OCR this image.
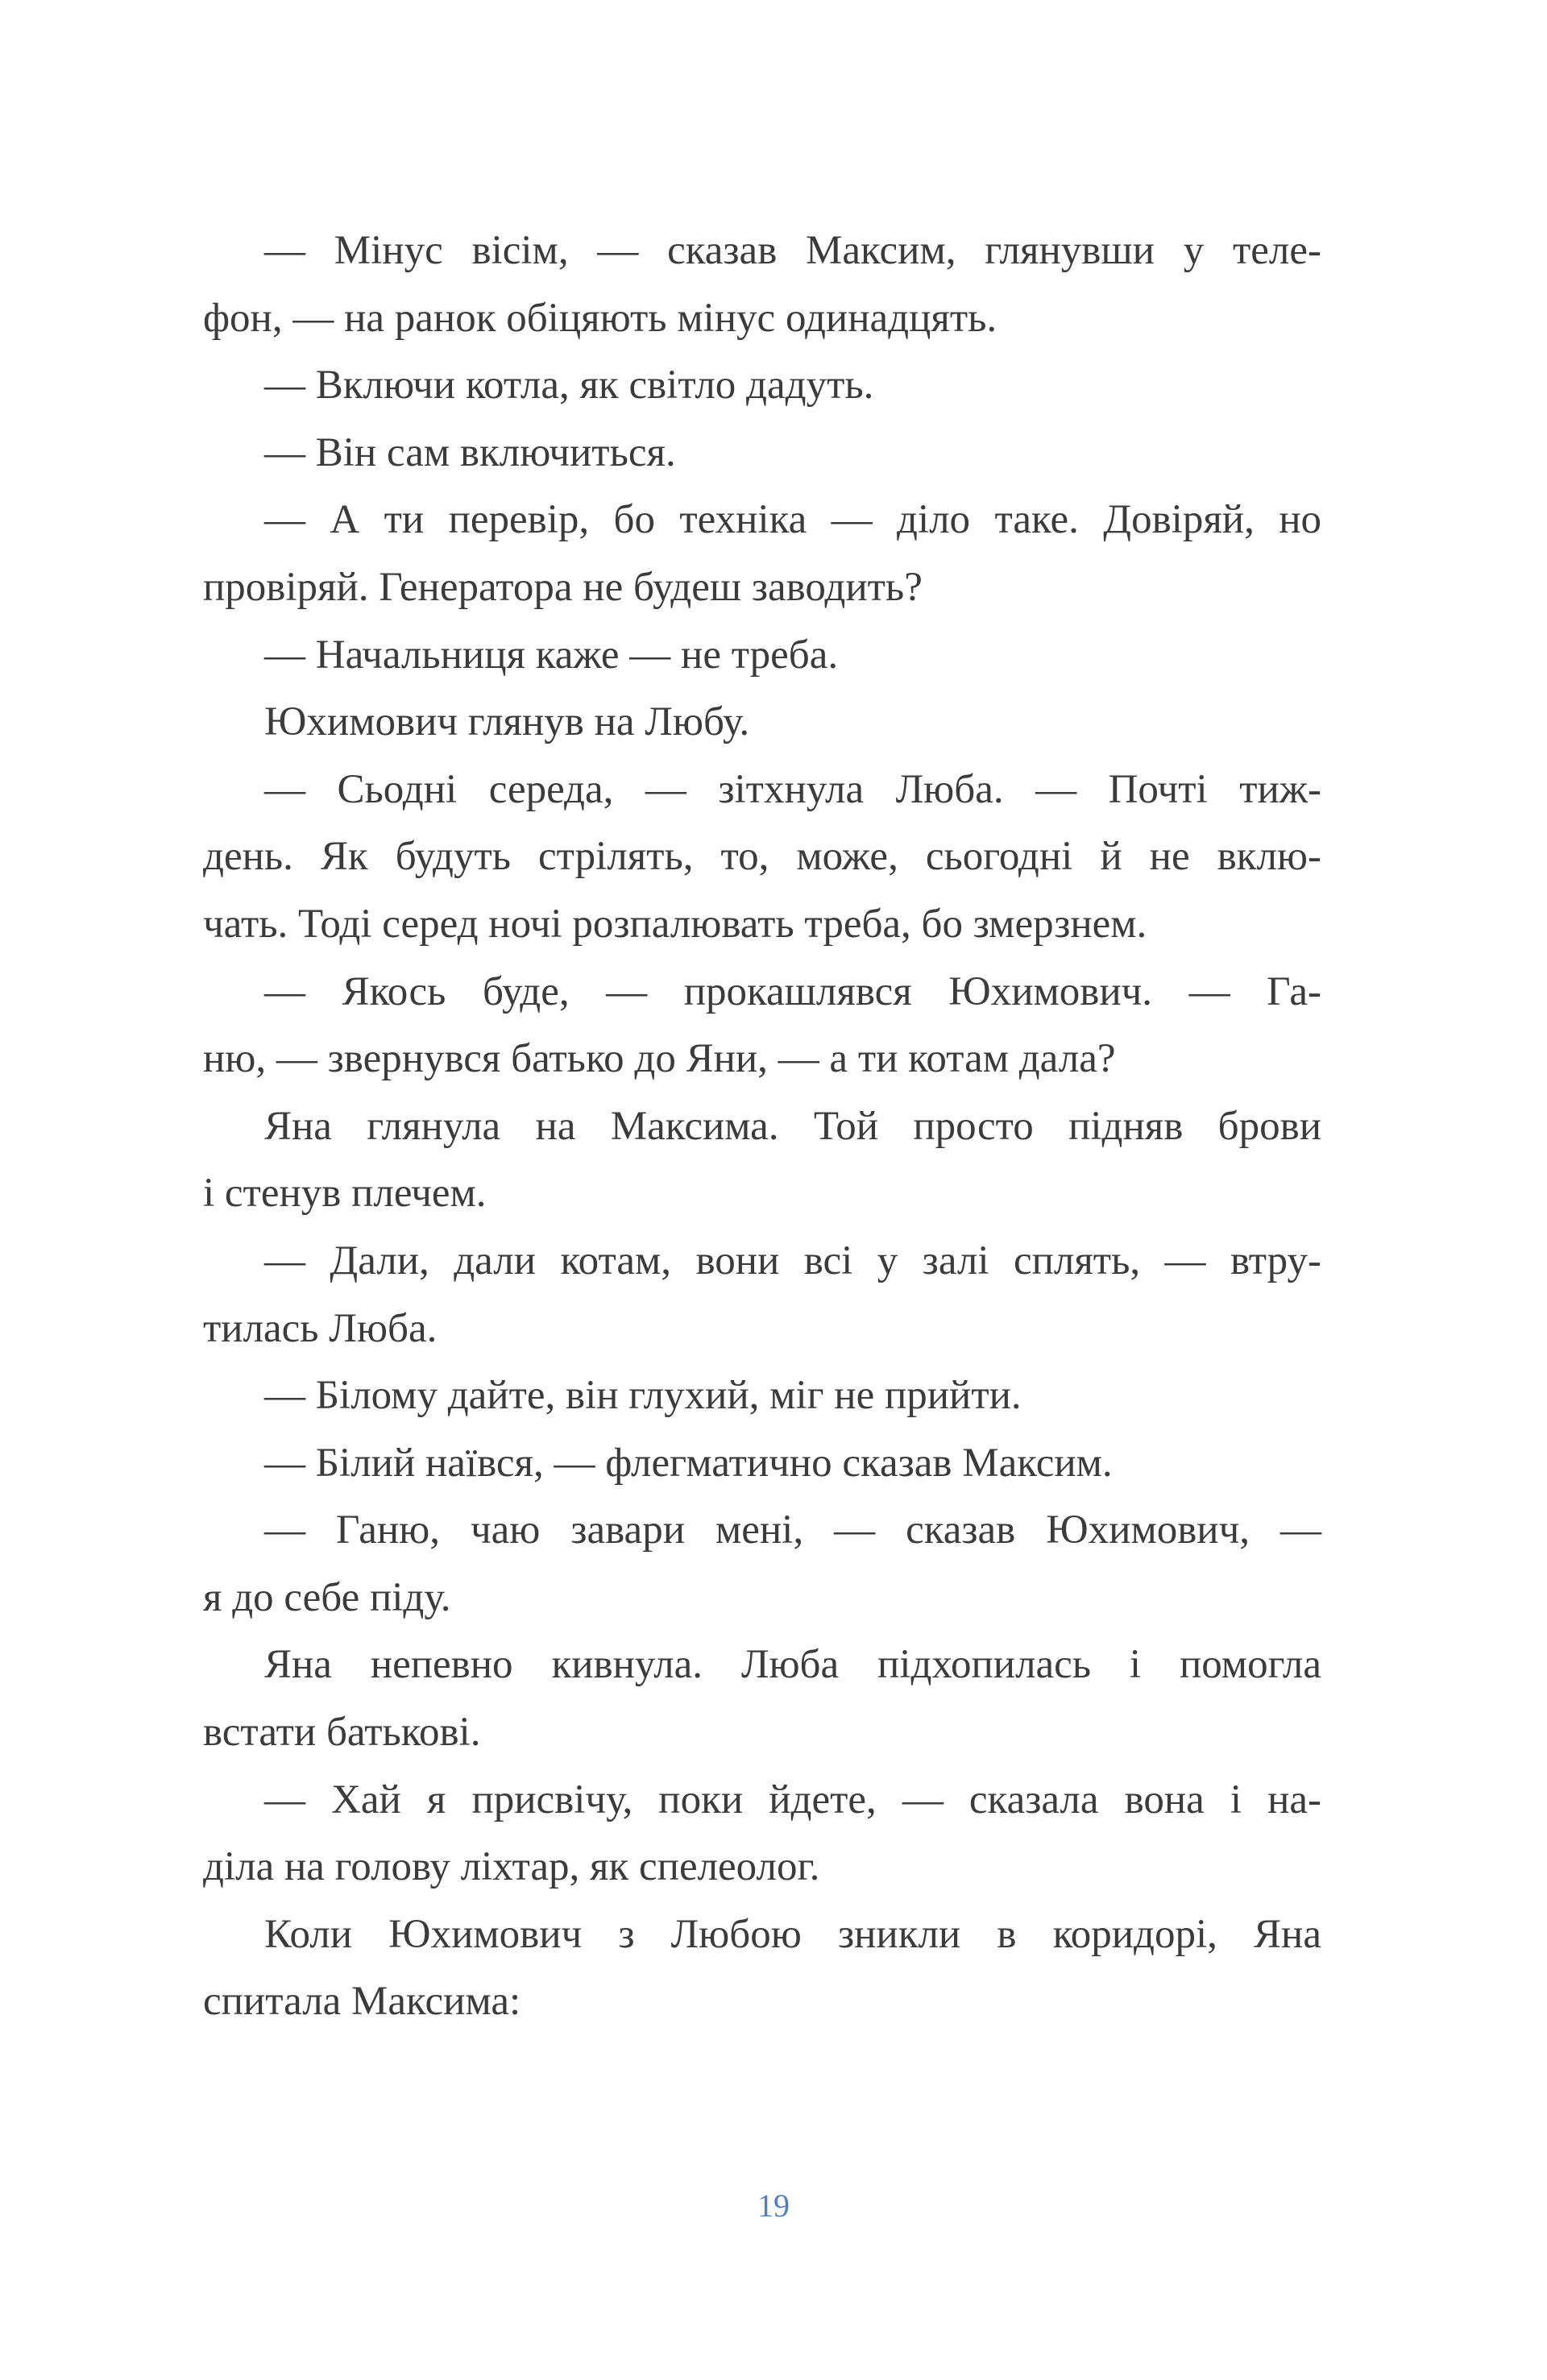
— Мінус вісім, — сказав Максим, глянувши у теле-
фон, — на ранок обіцяють мінус одинадцять.
— Включи котла, як світло дадуть.
— Він сам включиться.
— А ти перевір, бо техніка — діло таке. Довіряй, но
провіряй. Генератора не будеш заводить?
— Начальниця каже — не треба.
Юхимович глянув на Любу.
— Сьодні середа, — зітхнула Люба. — Почті тиж-
день. Як будуть стрілять, то, може, сьогодні й не вклю-
чать. Тоді серед ночі розпалювать треба, бо змерзнем.
— Якось буде, — прокашлявся Юхимович. — Га-
ню, — звернувся батько до Яни, — а ти котам дала?
Яна глянула на Максима. Той просто підняв брови
і стенув плечем.
— Дали, дали котам, вони всі у залі сплять, — втру-
тилась Люба.
— Білому дайте, він глухий, міг не прийти.
— Білий наївся, — флегматично сказав Максим.
— Ганю, чаю завари мені, — сказав Юхимович, —
я до себе піду.
Яна непевно кивнула. Люба підхопилась і помогла
встати батькові.
— Хай я присвічу, поки йдете, — сказала вона і на-
діла на голову ліхтар, як спелеолог.
Коли Юхимович з Любою зникли в коридорі, Яна
спитала Максима:
19
